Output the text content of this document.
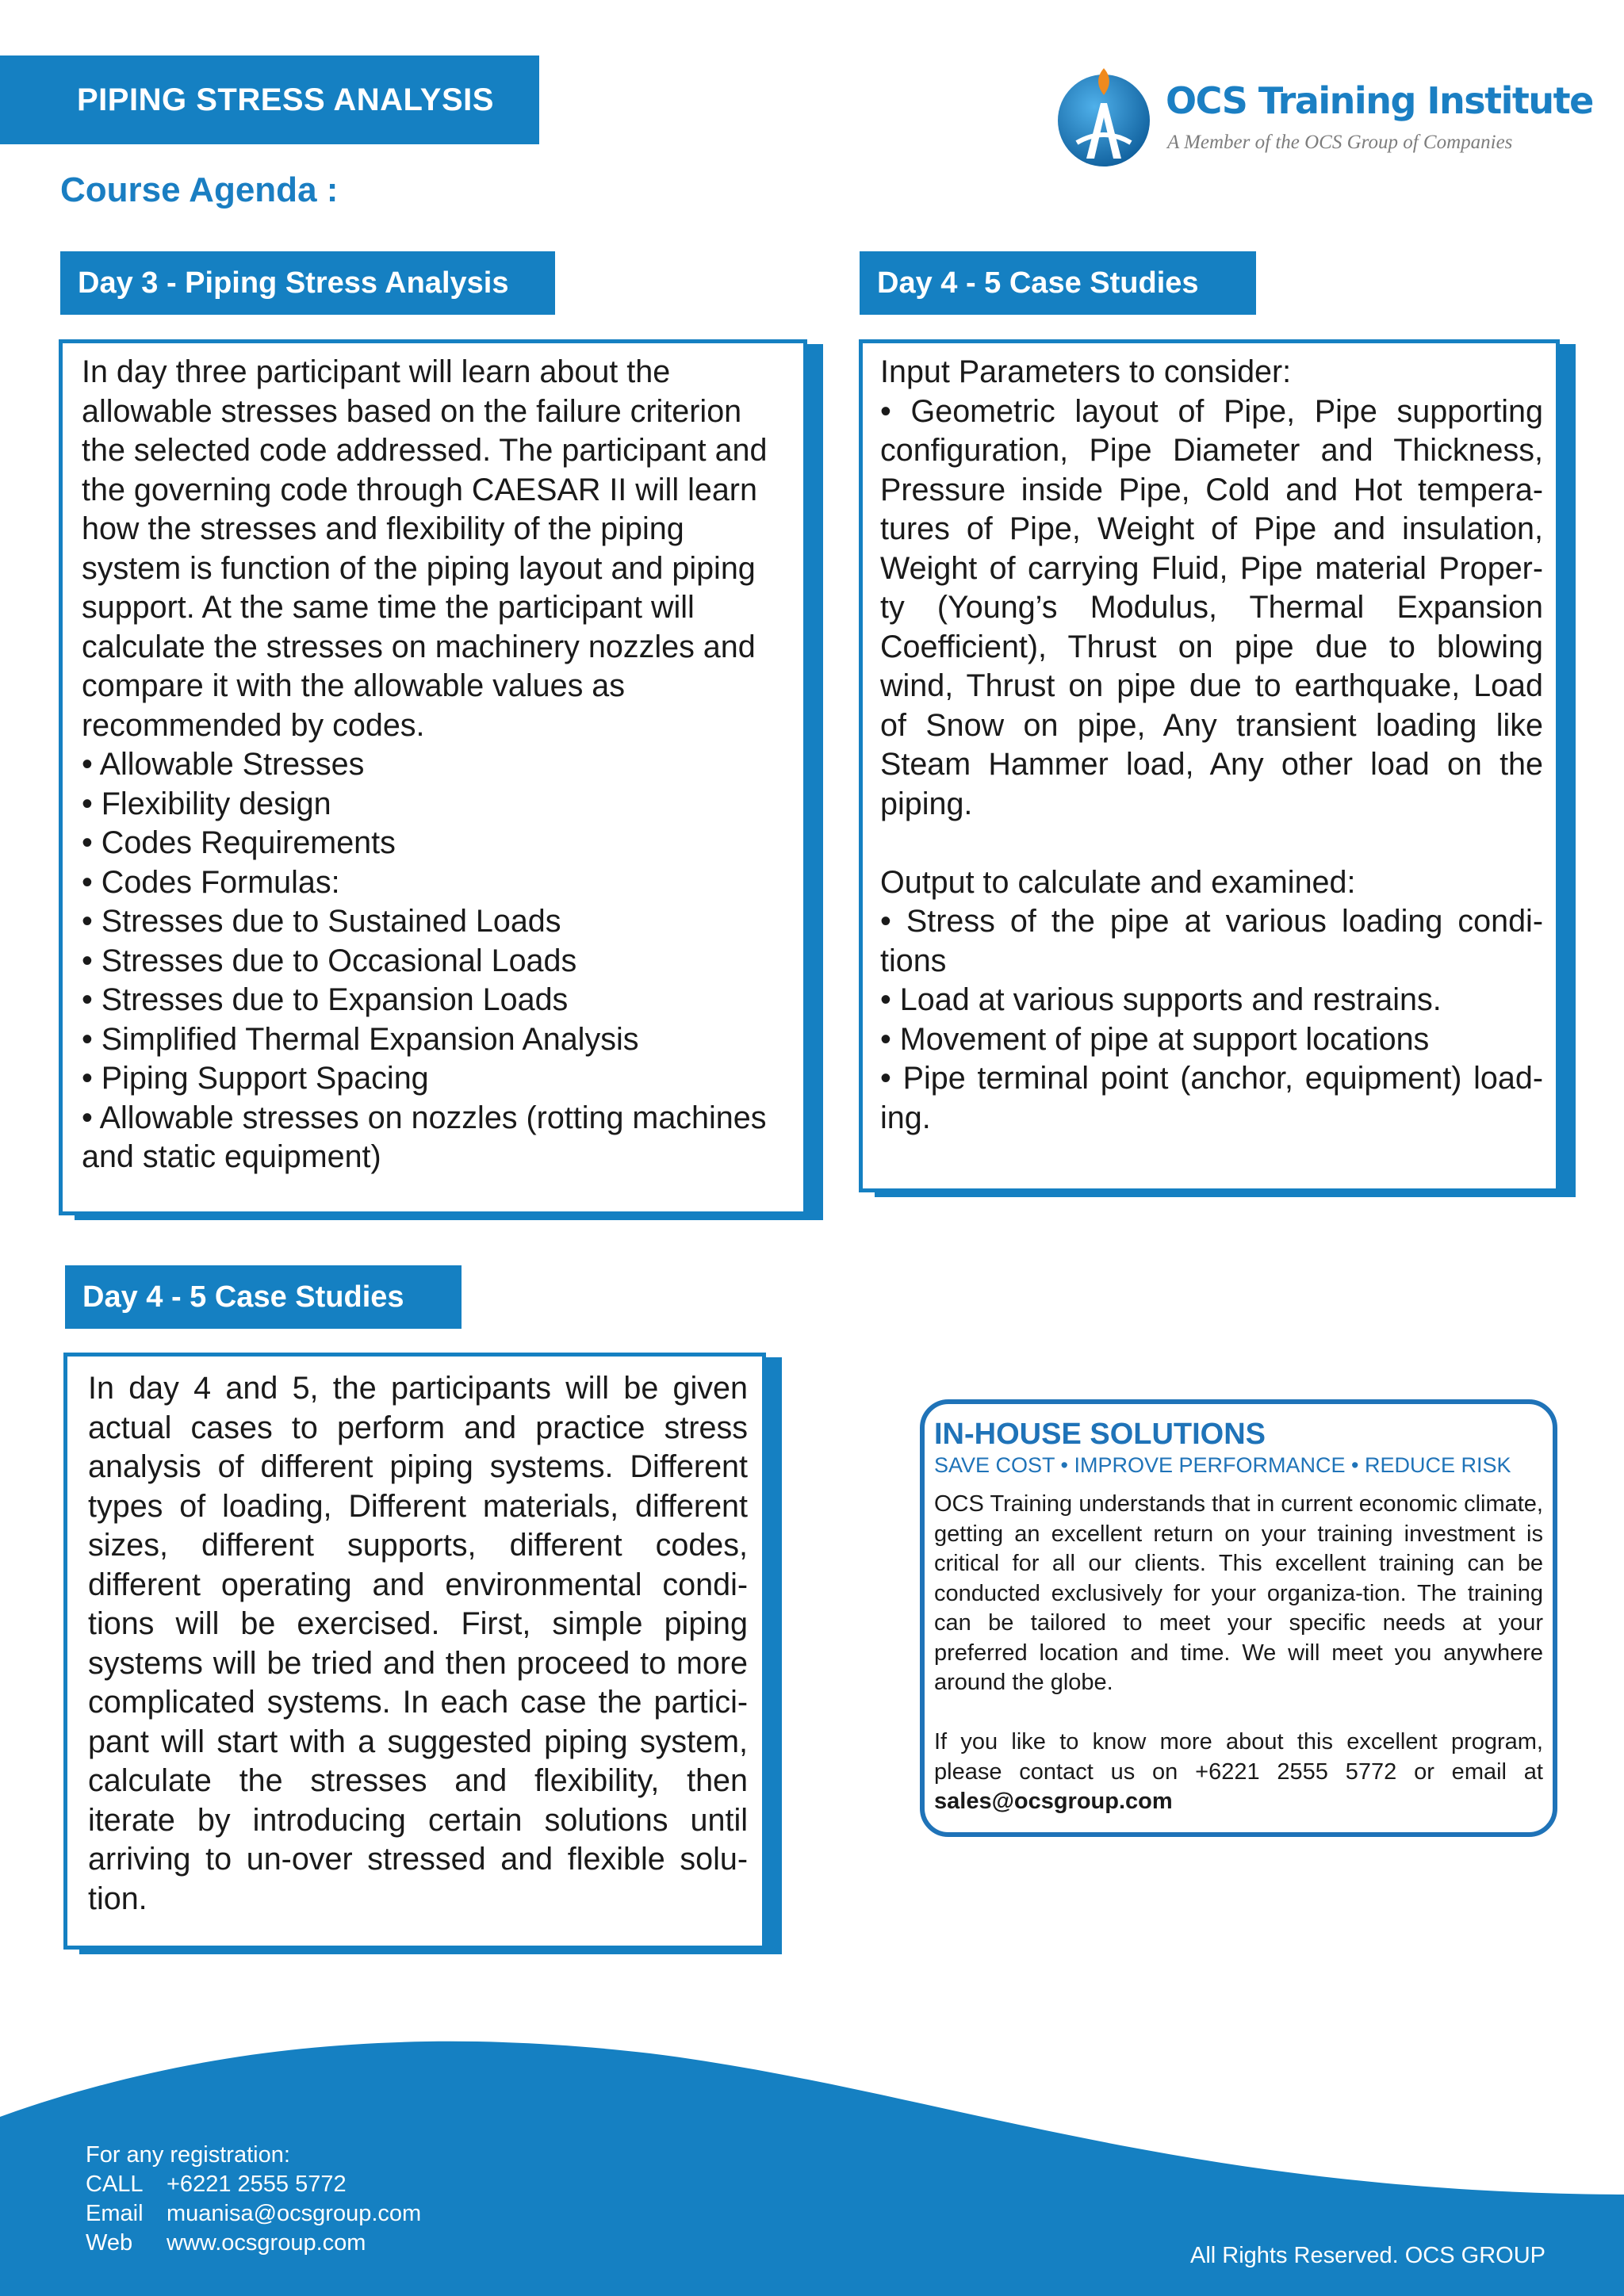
PIPING STRESS ANALYSIS	OCS Training Institute
A Member of the OCS Group of Companies
Course Agenda :
Day 3 - Piping Stress Analysis

In day three participant will learn about the allowable stresses based on the failure criterion the selected code addressed. The participant and the governing code through CAESAR II will learn how the stresses and flexibility of the piping system is function of the piping layout and piping support. At the same time the participant will calculate the stresses on machinery nozzles and compare it with the allowable values as recommended by codes.

• Allowable Stresses

• Flexibility design

• Codes Requirements

• Codes Formulas:

• Stresses due to Sustained Loads

• Stresses due to Occasional Loads

• Stresses due to Expansion Loads

• Simplified Thermal Expansion Analysis

• Piping Support Spacing

• Allowable stresses on nozzles (rotting machines and static equipment)

Day 4 - 5 Case Studies

Input Parameters to consider:

• Geometric layout of Pipe, Pipe supporting configuration, Pipe Diameter and Thickness, Pressure inside Pipe, Cold and Hot tempera-tures of Pipe, Weight of Pipe and insulation, Weight of carrying Fluid, Pipe material Proper-ty (Young’s Modulus, Thermal Expansion Coefficient), Thrust on pipe due to blowing wind, Thrust on pipe due to earthquake, Load of Snow on pipe, Any transient loading like Steam Hammer load, Any other load on the piping.

Output to calculate and examined:

• Stress of the pipe at various loading condi-tions

• Load at various supports and restrains.

• Movement of pipe at support locations

• Pipe terminal point (anchor, equipment) load-ing.

Day 4 - 5 Case Studies

In day 4 and 5, the participants will be given actual cases to perform and practice stress analysis of different piping systems. Different types of loading, Different materials, different sizes, different supports, different codes, different operating and environmental condi-tions will be exercised. First, simple piping systems will be tried and then proceed to more complicated systems. In each case the partici-pant will start with a suggested piping system, calculate the stresses and flexibility, then iterate by introducing certain solutions until arriving to un-over stressed and flexible solu-tion.

IN-HOUSE SOLUTIONS
SAVE COST • IMPROVE PERFORMANCE • REDUCE RISK

OCS Training understands that in current economic climate, getting an excellent return on your training investment is critical for all our clients. This excellent training can be conducted exclusively for your organiza-tion. The training can be tailored to meet your specific needs at your preferred location and time. We will meet you anywhere around the globe.

If you like to know more about this excellent program, please contact us on +6221 2555 5772 or email at sales@ocsgroup.com

For any registration:
CALL	+6221 2555 5772
Email	muanisa@ocsgroup.com
Web	www.ocsgroup.com	All Rights Reserved. OCS GROUP
